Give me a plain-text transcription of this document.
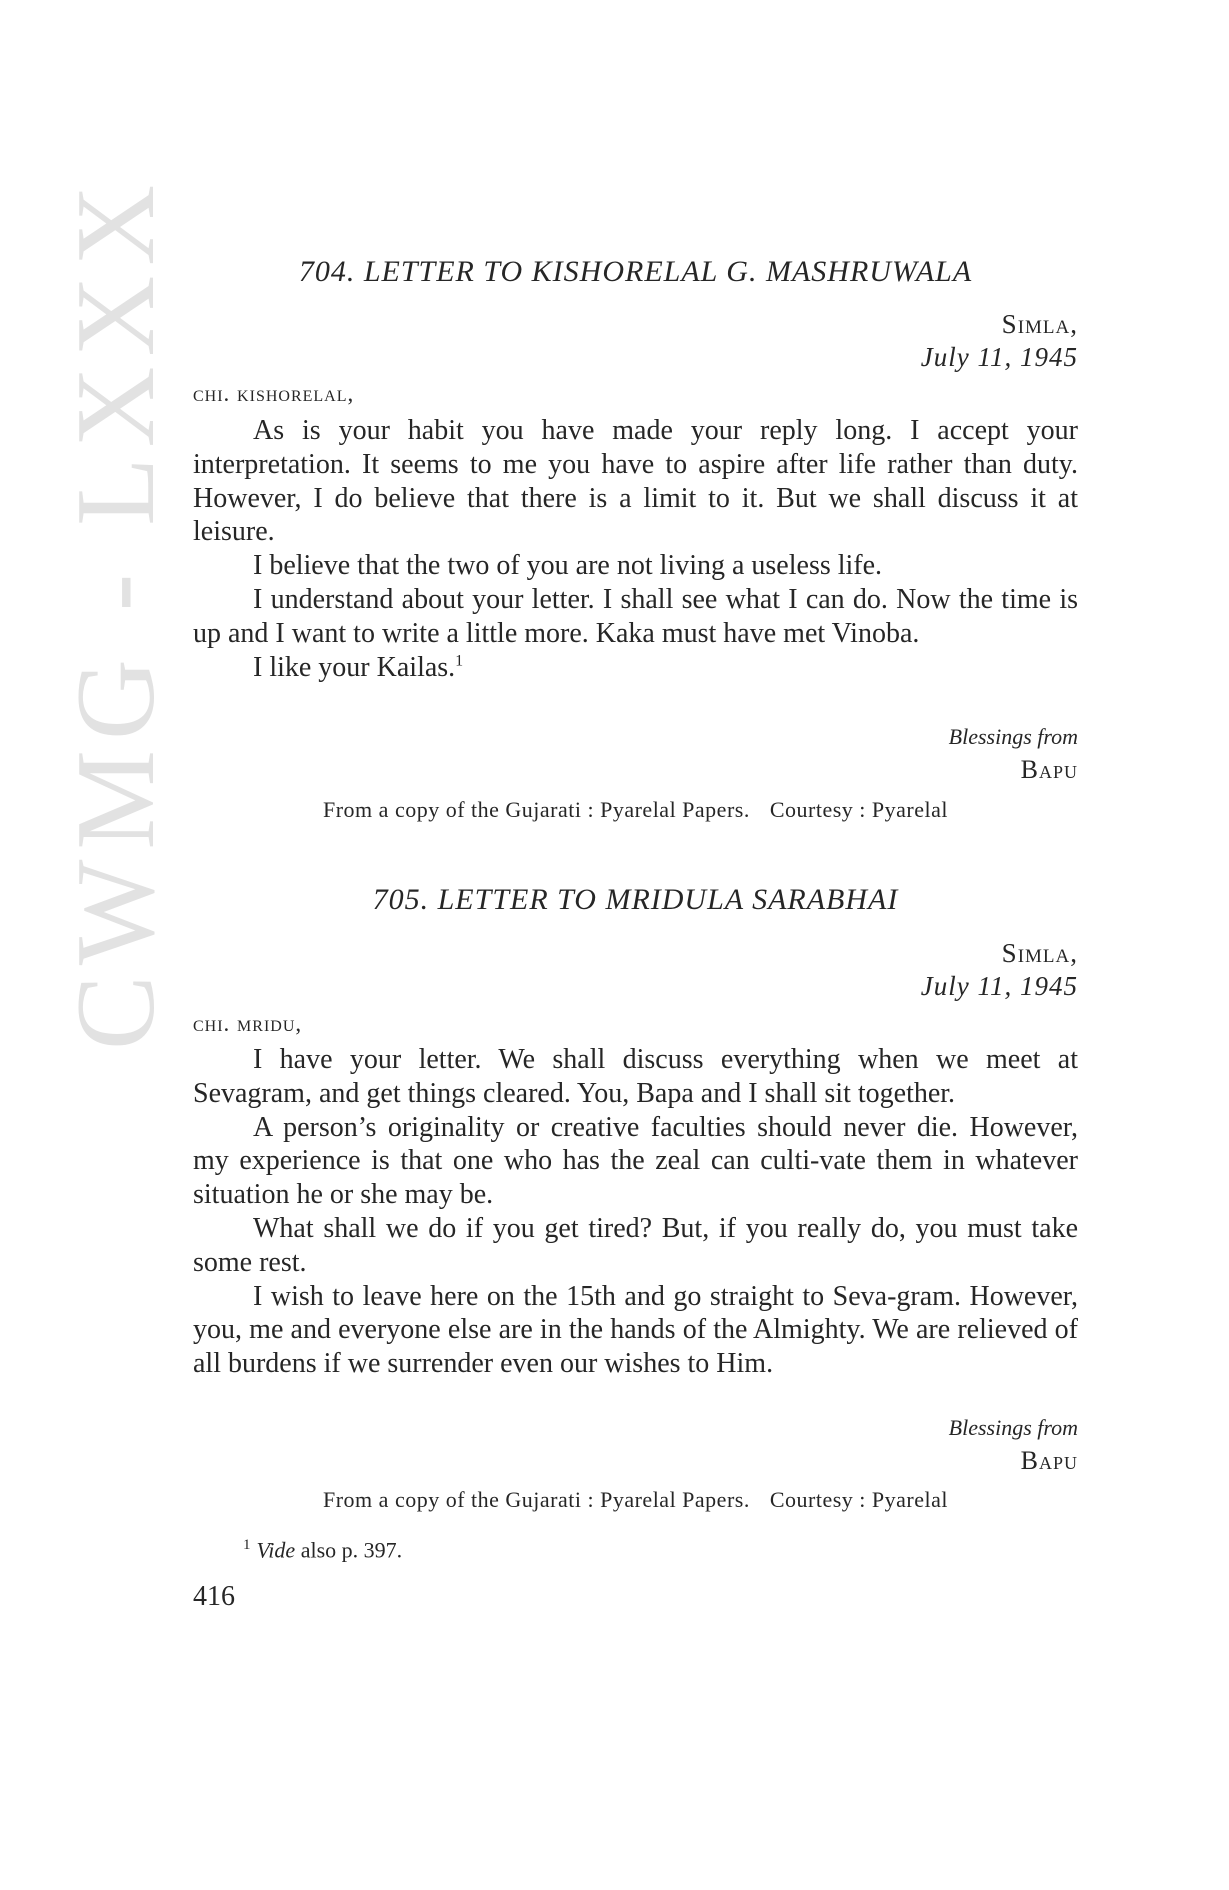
CWMG - LXXX	704. LETTER TO KISHORELAL G. MASHRUWALA
Simla,
July 11, 1945
chi. kishorelal,

As is your habit you have made your reply long. I accept your interpretation. It seems to me you have to aspire after life rather than duty. However, I do believe that there is a limit to it. But we shall discuss it at leisure.

I believe that the two of you are not living a useless life.

I understand about your letter. I shall see what I can do. Now the time is up and I want to write a little more. Kaka must have met Vinoba.

I like your Kailas.$^1$

Blessings from
Bapu
From a copy of the Gujarati : Pyarelal Papers. Courtesy : Pyarelal
705. LETTER TO MRIDULA SARABHAI
Simla,
July 11, 1945
chi. mridu,

I have your letter. We shall discuss everything when we meet at Sevagram, and get things cleared. You, Bapa and I shall sit together.

A person’s originality or creative faculties should never die. However, my experience is that one who has the zeal can culti-vate them in whatever situation he or she may be.

What shall we do if you get tired? But, if you really do, you must take some rest.

I wish to leave here on the 15th and go straight to Seva-gram. However, you, me and everyone else are in the hands of the Almighty. We are relieved of all burdens if we surrender even our wishes to Him.

Blessings from
Bapu
From a copy of the Gujarati : Pyarelal Papers. Courtesy : Pyarelal
$^1$ Vide also p. 397.
416
